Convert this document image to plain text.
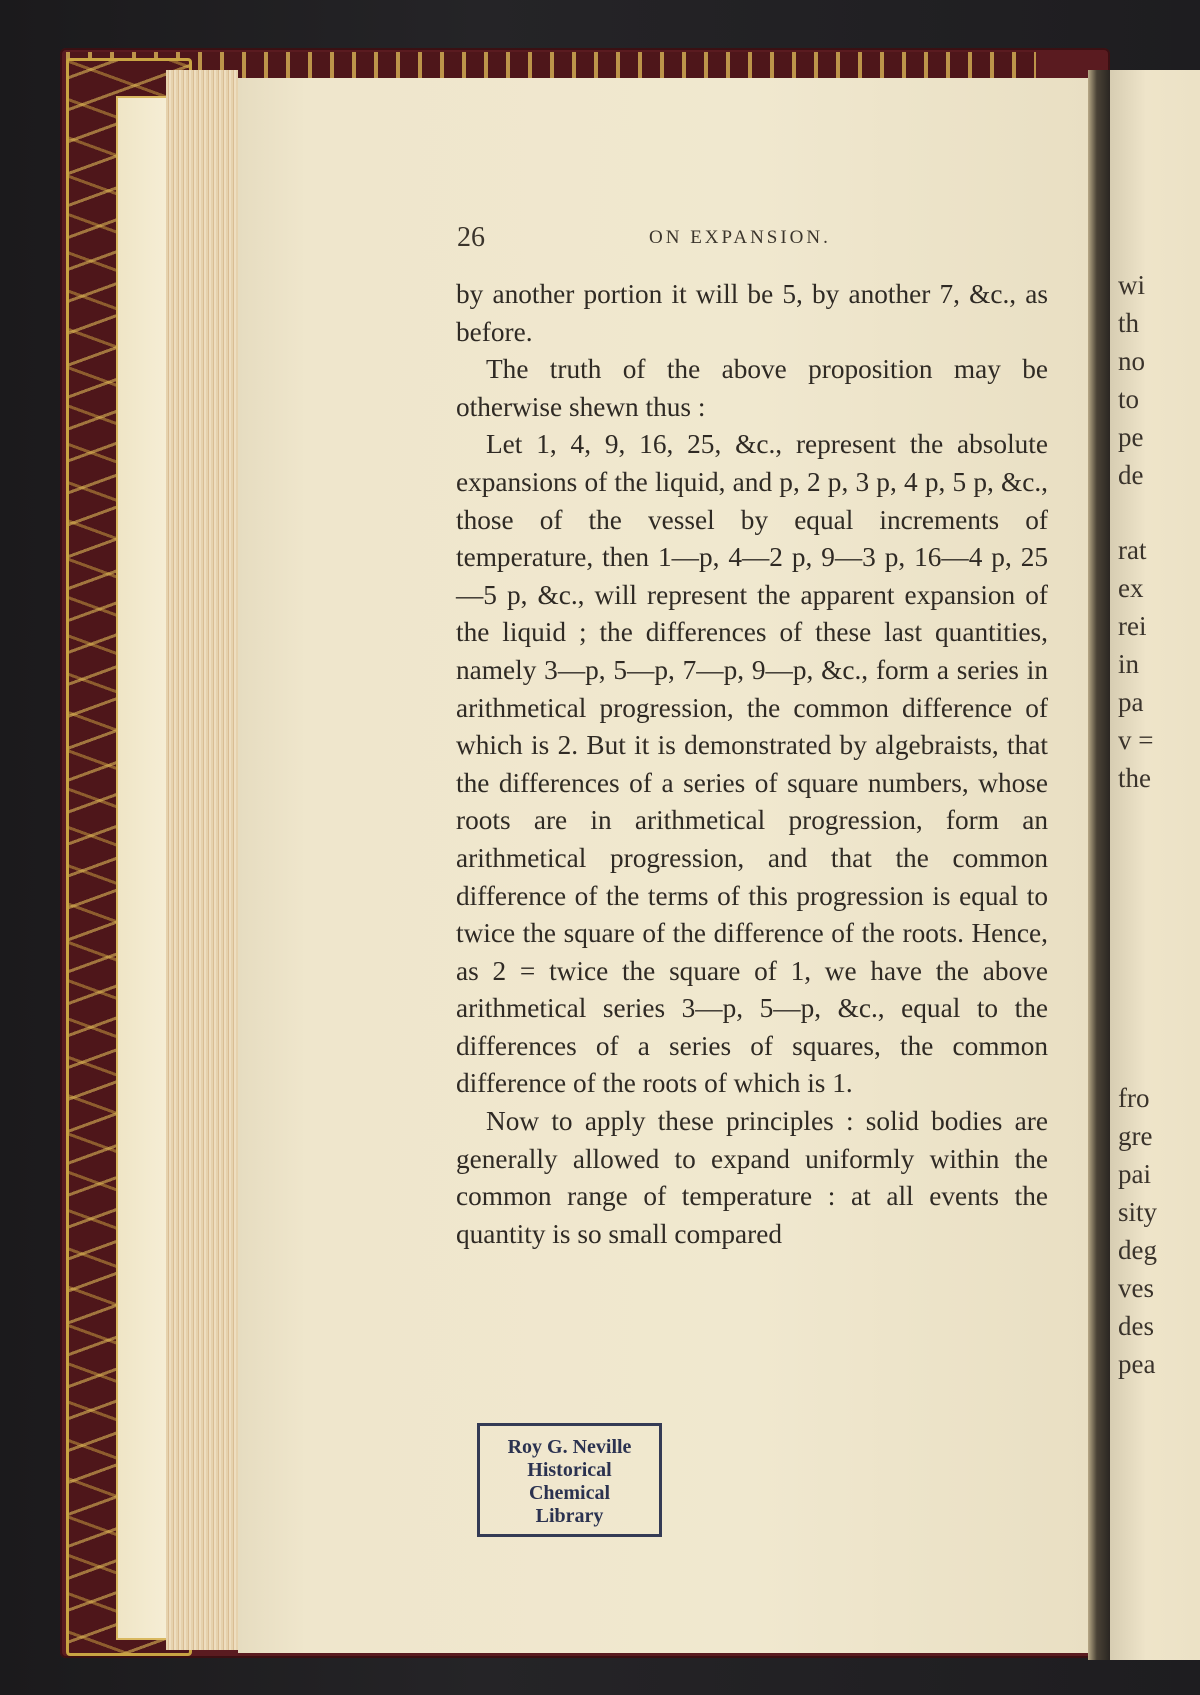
26	ON EXPANSION.

by another portion it will be 5, by another 7, &c., as before.

The truth of the above proposition may be otherwise shewn thus :

Let 1, 4, 9, 16, 25, &c., represent the absolute expansions of the liquid, and p, 2 p, 3 p, 4 p, 5 p, &c., those of the vessel by equal increments of temperature, then 1—p, 4—2 p, 9—3 p, 16—4 p, 25—5 p, &c., will represent the apparent expansion of the liquid ; the differences of these last quantities, namely 3—p, 5—p, 7—p, 9—p, &c., form a series in arithmetical progression, the common difference of which is 2. But it is demonstrated by algebraists, that the differences of a series of square numbers, whose roots are in arithmetical progression, form an arithmetical progression, and that the common difference of the terms of this progression is equal to twice the square of the difference of the roots. Hence, as 2 = twice the square of 1, we have the above arithmetical series 3—p, 5—p, &c., equal to the differences of a series of squares, the common difference of the roots of which is 1.

Now to apply these principles : solid bodies are generally allowed to expand uniformly within the common range of temperature : at all events the quantity is so small compared

Roy G. Neville
Historical
Chemical
Library
wi
th
no
to
pe
de
rat
ex
rei
in
pa
v =
the
fro
gre
pai
sity
deg
ves
des
pea
